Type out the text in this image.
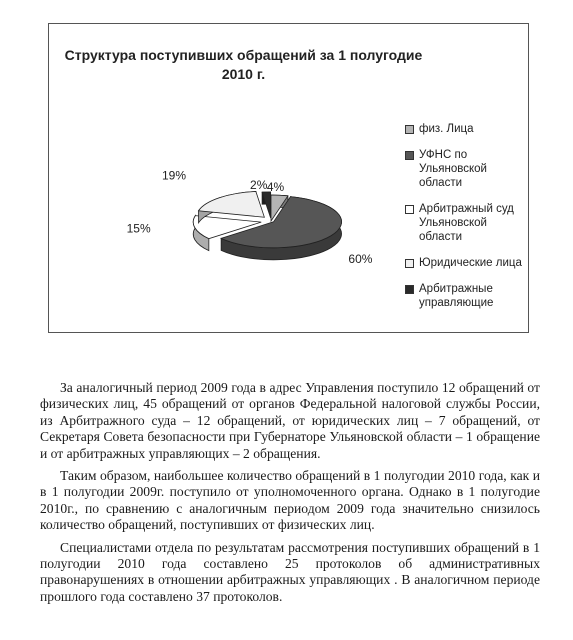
Структура поступивших обращений за 1 полугодие 2010 г.
4%
60%
15%
19%
2%
физ. Лица
УФНС по Ульяновской области
Арбитражный суд Ульяновской области
Юридические лица
Арбитражные управляющие

За аналогичный период 2009 года в адрес Управления поступило 12 обращений от физических лиц, 45 обращений от органов Федеральной налоговой службы России, из Арбитражного суда – 12 обращений, от юридических лиц – 7 обращений, от Секретаря Совета безопасности при Губернаторе Ульяновской области – 1 обращение и от арбитражных управляющих – 2 обращения.

Таким образом, наибольшее количество обращений в 1 полугодии 2010 года, как и в 1 полугодии 2009г. поступило от уполномоченного органа. Однако в 1 полугодие 2010г., по сравнению с аналогичным периодом 2009 года значительно снизилось количество обращений, поступивших от физических лиц.

Специалистами отдела по результатам рассмотрения поступивших обращений в 1 полугодии 2010 года составлено 25 протоколов об административных правонарушениях в отношении арбитражных управляющих . В аналогичном периоде прошлого года составлено 37 протоколов.
